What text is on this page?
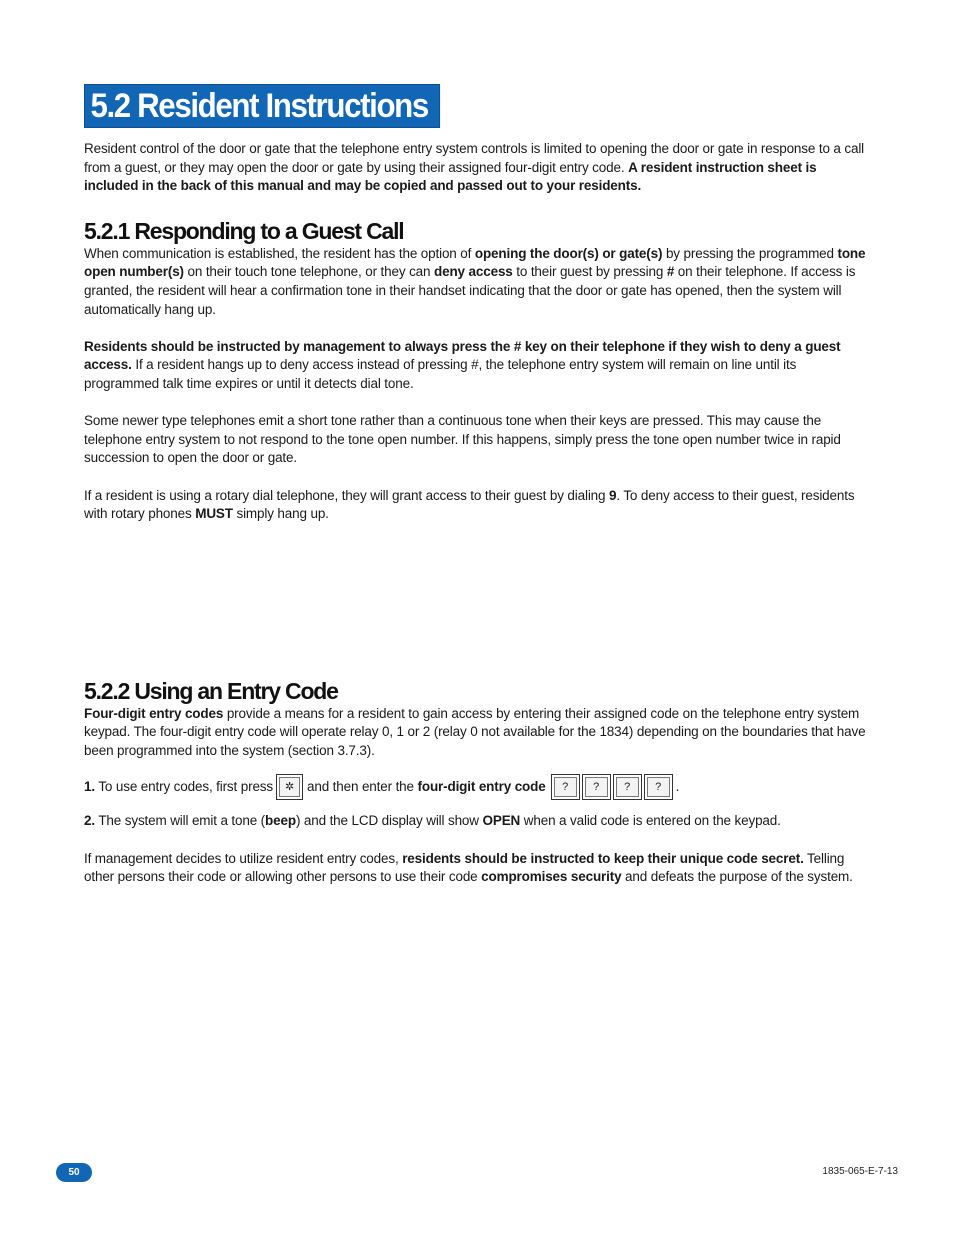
5.2 Resident Instructions

Resident control of the door or gate that the telephone entry system controls is limited to opening the door or gate in response to a call from a guest, or they may open the door or gate by using their assigned four-digit entry code. A resident instruction sheet is included in the back of this manual and may be copied and passed out to your residents.

5.2.1 Responding to a Guest Call

When communication is established, the resident has the option of opening the door(s) or gate(s) by pressing the programmed tone open number(s) on their touch tone telephone, or they can deny access to their guest by pressing # on their telephone. If access is granted, the resident will hear a confirmation tone in their handset indicating that the door or gate has opened, then the system will automatically hang up.

Residents should be instructed by management to always press the # key on their telephone if they wish to deny a guest access. If a resident hangs up to deny access instead of pressing #, the telephone entry system will remain on line until its programmed talk time expires or until it detects dial tone.

Some newer type telephones emit a short tone rather than a continuous tone when their keys are pressed. This may cause the telephone entry system to not respond to the tone open number. If this happens, simply press the tone open number twice in rapid succession to open the door or gate.

If a resident is using a rotary dial telephone, they will grant access to their guest by dialing 9. To deny access to their guest, residents with rotary phones MUST simply hang up.

5.2.2 Using an Entry Code

Four-digit entry codes provide a means for a resident to gain access by entering their assigned code on the telephone entry system keypad. The four-digit entry code will operate relay 0, 1 or 2 (relay 0 not available for the 1834) depending on the boundaries that have been programmed into the system (section 3.7.3).

1. To use entry codes, first press	✲ and then enter the four-digit entry code	?	?	?	?	.

2. The system will emit a tone (beep) and the LCD display will show OPEN when a valid code is entered on the keypad.

If management decides to utilize resident entry codes, residents should be instructed to keep their unique code secret. Telling other persons their code or allowing other persons to use their code compromises security and defeats the purpose of the system.

50	1835-065-E-7-13
